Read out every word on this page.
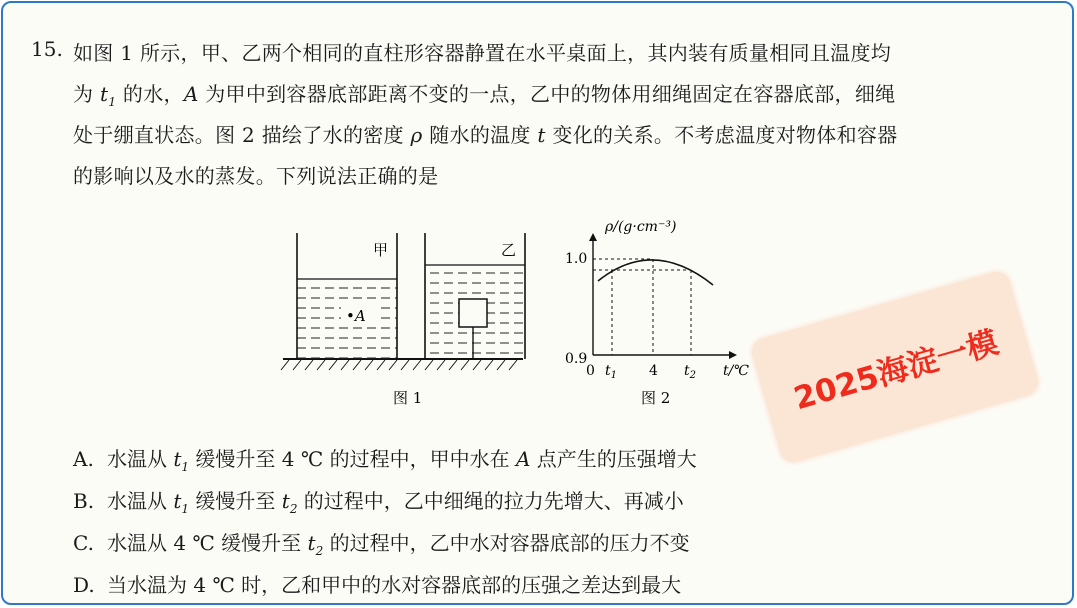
15. 如图 1 所示，甲、乙两个相同的直柱形容器静置在水平桌面上，其内装有质量相同且温度均
为 $t_1$ 的水，A 为甲中到容器底部距离不变的一点，乙中的物体用细绳固定在容器底部，细绳
处于绷直状态。图 2 描绘了水的密度 ρ 随水的温度 t 变化的关系。不考虑温度对物体和容器
的影响以及水的蒸发。下列说法正确的是
•A
甲	乙
图 1
ρ/(g·cm⁻³)
1.0
0.9
0 $t_1$ 4 $t_2$ t/℃
图 2
A. 水温从 $t_1$ 缓慢升至 4 ℃ 的过程中，甲中水在 A 点产生的压强增大
B. 水温从 $t_1$ 缓慢升至 $t_2$ 的过程中，乙中细绳的拉力先增大、再减小
C. 水温从 4 ℃ 缓慢升至 $t_2$ 的过程中，乙中水对容器底部的压力不变
D. 当水温为 4 ℃ 时，乙和甲中的水对容器底部的压强之差达到最大
2025海淀一模
